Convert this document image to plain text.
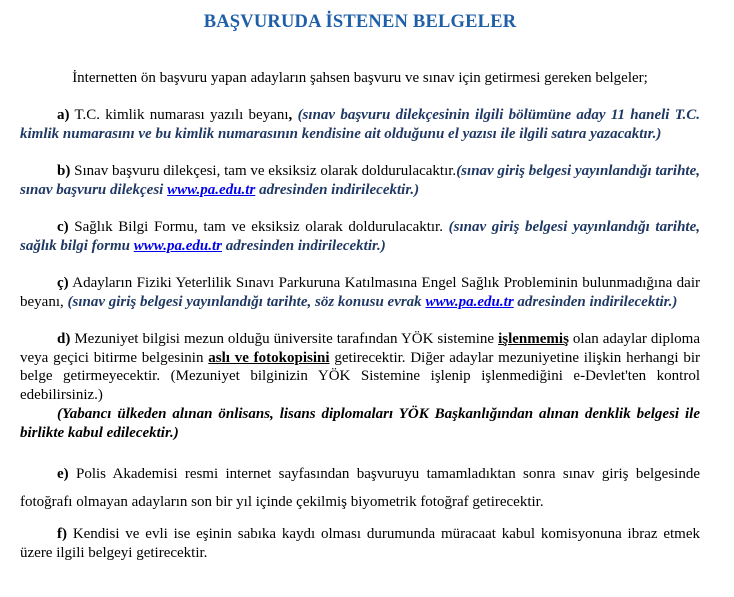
BAŞVURUDA İSTENEN BELGELER

İnternetten ön başvuru yapan adayların şahsen başvuru ve sınav için getirmesi gereken belgeler;

a) T.C. kimlik numarası yazılı beyanı, (sınav başvuru dilekçesinin ilgili bölümüne aday 11 haneli T.C. kimlik numarasını ve bu kimlik numarasının kendisine ait olduğunu el yazısı ile ilgili satıra yazacaktır.)

b) Sınav başvuru dilekçesi, tam ve eksiksiz olarak doldurulacaktır.(sınav giriş belgesi yayınlandığı tarihte, sınav başvuru dilekçesi www.pa.edu.tr adresinden indirilecektir.)

c) Sağlık Bilgi Formu, tam ve eksiksiz olarak doldurulacaktır. (sınav giriş belgesi yayınlandığı tarihte, sağlık bilgi formu www.pa.edu.tr adresinden indirilecektir.)

ç) Adayların Fiziki Yeterlilik Sınavı Parkuruna Katılmasına Engel Sağlık Probleminin bulunmadığına dair beyanı, (sınav giriş belgesi yayınlandığı tarihte, söz konusu evrak www.pa.edu.tr adresinden indirilecektir.)

d) Mezuniyet bilgisi mezun olduğu üniversite tarafından YÖK sistemine işlenmemiş olan adaylar diploma veya geçici bitirme belgesinin aslı ve fotokopisini getirecektir. Diğer adaylar mezuniyetine ilişkin herhangi bir belge getirmeyecektir. (Mezuniyet bilginizin YÖK Sistemine işlenip işlenmediğini e-Devlet'ten kontrol edebilirsiniz.)

(Yabancı ülkeden alınan önlisans, lisans diplomaları YÖK Başkanlığından alınan denklik belgesi ile birlikte kabul edilecektir.)

e) Polis Akademisi resmi internet sayfasından başvuruyu tamamladıktan sonra sınav giriş belgesinde fotoğrafı olmayan adayların son bir yıl içinde çekilmiş biyometrik fotoğraf getirecektir.

f) Kendisi ve evli ise eşinin sabıka kaydı olması durumunda müracaat kabul komisyonuna ibraz etmek üzere ilgili belgeyi getirecektir.
